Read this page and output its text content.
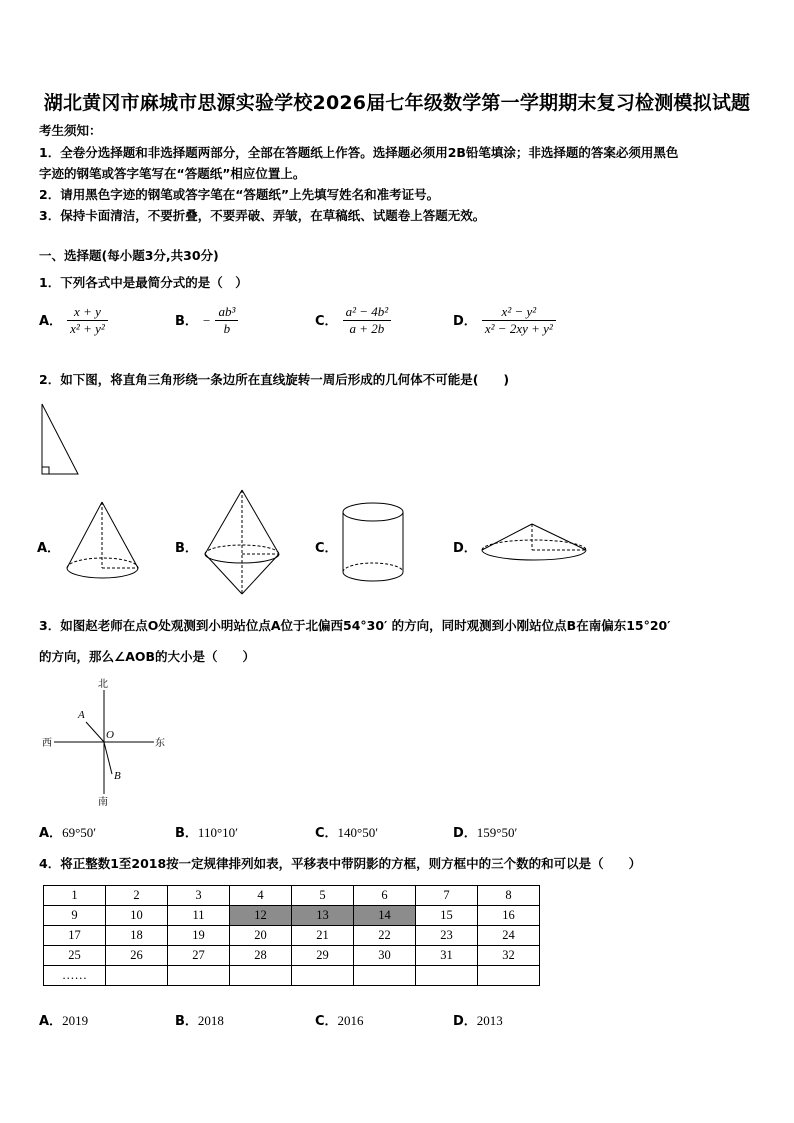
湖北黄冈市麻城市思源实验学校2026届七年级数学第一学期期末复习检测模拟试题
考生须知：
1．全卷分选择题和非选择题两部分，全部在答题纸上作答。选择题必须用2B铅笔填涂；非选择题的答案必须用黑色
字迹的钢笔或答字笔写在“答题纸”相应位置上。
2．请用黑色字迹的钢笔或答字笔在“答题纸”上先填写姓名和准考证号。
3．保持卡面清洁，不要折叠，不要弄破、弄皱，在草稿纸、试题卷上答题无效。
一、选择题(每小题3分,共30分)
1．下列各式中是最简分式的是（　）
A． $\frac{x + y}{\text{x² + y²}}$	B． − $\frac{\text{ab³}}{b}$	C． $\frac{\text{a² − 4b²}}{a + 2b}$	D． $\frac{\text{x² − y²}}{\text{x² − 2xy + y²}}$
2．如下图，将直角三角形绕一条边所在直线旋转一周后形成的几何体不可能是(　　)
A．	B．	C．	D．
3．如图赵老师在点O处观测到小明站位点A位于北偏西54°30′ 的方向，同时观测到小刚站位点B在南偏东15°20′
的方向，那么∠AOB的大小是（　　）
北
南
西	东
O
A
B
A．69°50′	B．110°10′	C．140°50′	D．159°50′
4．将正整数1至2018按一定规律排列如表，平移表中带阴影的方框，则方框中的三个数的和可以是（　　）
1	2	3	4	5	6	7	8
9	10	11	12	13	14	15	16
17	18	19	20	21	22	23	24
25	26	27	28	29	30	31	32
……							
A．2019	B．2018	C．2016	D．2013
